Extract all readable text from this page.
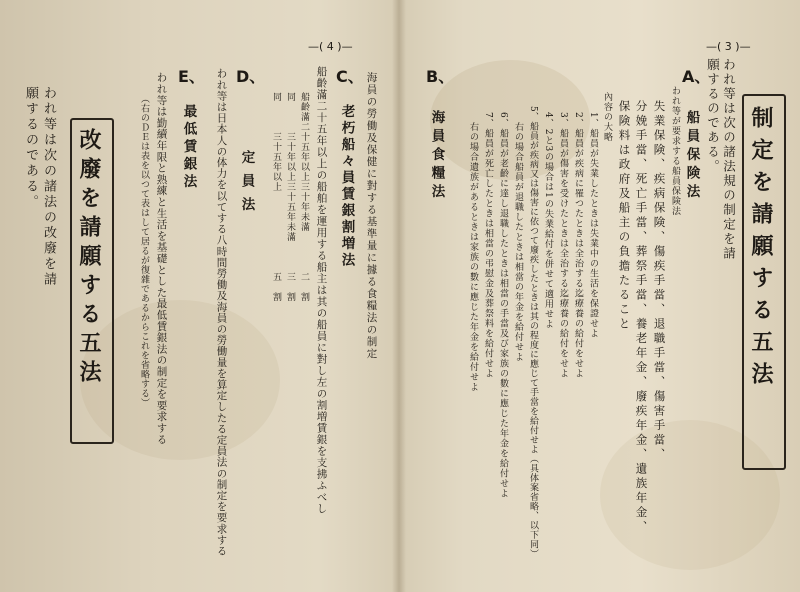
—( 4 )—	—( 3 )—
制定を請願する五法
われ等は次の諸法規の制定を請
願するのである。
A、
船員保険法
われ等が要求する船員保険法
失業保険、疾病保険、傷疾手當、退職手當、傷害手當、
分娩手當、死亡手當、葬祭手當、養老年金、廢疾年金、遺族年金、
保険料は政府及船主の負擔たること
內容の大略
1、船員が失業したときは失業中の生活を保證せよ
2、船員が疾病に罹つたときは全治する迄療養の給付をせよ
3、船員が傷害を受けたときは全治する迄療養の給付をせよ
4、2と3の場合は1の失業給付を併せて適用せよ
5、船員が疾病又は傷害に依つて廢疾したときは其の程度に應じて手當を給付せよ（具体案省略、以下同）
　右の場合船員が退職したときは相當の年金を給付せよ
6、船員が老齡に達し退職したときは相當の手當及び家族の數に應じた年金を給付せよ
7、船員が死亡したときは相當の弔慰金及葬祭料を給付せよ
　右の場合遺族があるときは家族の數に應じた年金を給付せよ
B、
海員食糧法
海員の勞働及保健に對する基準量に據る食糧法の制定
C、
老朽船々員賃銀割増法
船齡滿二十五年以上の船舶を運用する船主は其の船員に對し左の割増賃銀を支拂ふべし
船齡滿二十五年以上三十年未滿
二　割
同　　　三十年以上三十五年未滿
三　割
同　　　三十五年以上
五　割
D、
定員法
われ等は日本人の体力を以てする八時間勞働及海員の勞働量を算定したる定員法の制定を要求する
E、
最低賃銀法
われ等は勤續年限と熟練と生活を基礎とした最低賃銀法の制定を要求する
（右のＤＥは表を以つて表はして居るが復雜であるからこれを省略する）
改廢を請願する五法
われ等は次の諸法の改廢を請
願するのである。
